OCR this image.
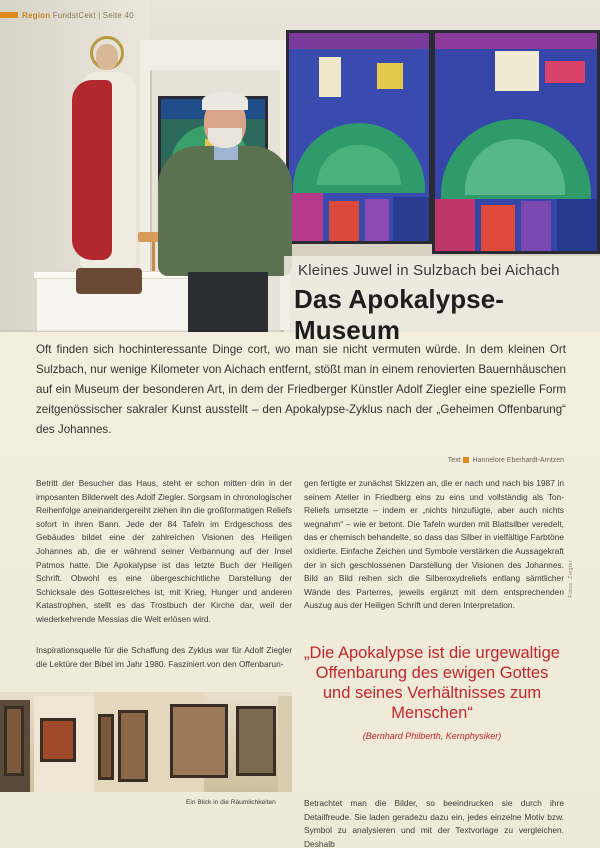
Region FundstCekt | Seite 40
Kleines Juwel in Sulzbach bei Aichach
Das Apokalypse-Museum

Oft finden sich hochinteressante Dinge cort, wo man sie nicht vermuten würde. In dem kleinen Ort Sulzbach, nur wenige Kilometer von Aichach entfernt, stößt man in einem renovierten Bauernhäuschen auf ein Museum der besonderen Art, in dem der Friedberger Künstler Adolf Ziegler eine spezielle Form zeitgenössischer sakraler Kunst ausstellt – den Apokalypse-Zyklus nach der „Geheimen Offenbarung“ des Johannes.

Text Hannelore Eberhardt-Arntzen

Betritt der Besucher das Haus, steht er schon mitten drin in der imposanten Bilderwelt des Adolf Ziegler. Sorgsam in chronologischer Reihenfolge aneinandergereiht ziehen ihn die großformatigen Reliefs sofort in ihren Bann. Jede der 84 Tafeln im Erdgeschoss des Gebäudes bildet eine der zahlreichen Visionen des Heiligen Johannes ab, die er während seiner Verbannung auf der Insel Patmos hatte. Die Apokalypse ist das letzte Buch der Heiligen Schrift. Obwohl es eine übergeschichtliche Darstellung der Schicksale des Gottesreiches ist, mit Krieg, Hunger und anderen Katastrophen, stellt es das Trostbuch der Kirche dar, weil der wiederkehrende Messias die Welt erlösen wird.

gen fertigte er zunächst Skizzen an, die er nach und nach bis 1987 in seinem Atelier in Friedberg eins zu eins und vollständig als Ton-Reliefs umsetzte – indem er „nichts hinzufügte, aber auch nichts wegnahm“ – wie er betont. Die Tafeln wurden mit Blattsilber veredelt, das er chemisch behandelte, so dass das Silber in vielfältige Farbtöne oxidierte. Einfache Zeichen und Symbole verstärken die Aussagekraft der in sich geschlossenen Darstellung der Visionen des Johannes. Bild an Bild reihen sich die Silberoxydreliefs entlang sämtlicher Wände des Parterres, jeweils ergänzt mit dem entsprechenden Auszug aus der Heiligen Schrift und deren Interpretation.

Inspirationsquelle für die Schaffung des Zyklus war für Adolf Ziegler die Lektüre der Bibel im Jahr 1980. Fasziniert von den Offenbarun-

Fotos: Ziegler
„Die Apokalypse ist die urgewaltige Offenbarung des ewigen Gottes und seines Verhältnisses zum Menschen“
(Bernhard Philberth, Kernphysiker)
Ein Blick in die Räumlichkeiten	Betrachtet man die Bilder, so beeindrucken sie durch ihre Detailfreude. Sie laden geradezu dazu ein, jedes einzelne Motiv bzw. Symbol zu analysieren und mit der Textvorlage zu vergleichen. Deshalb
